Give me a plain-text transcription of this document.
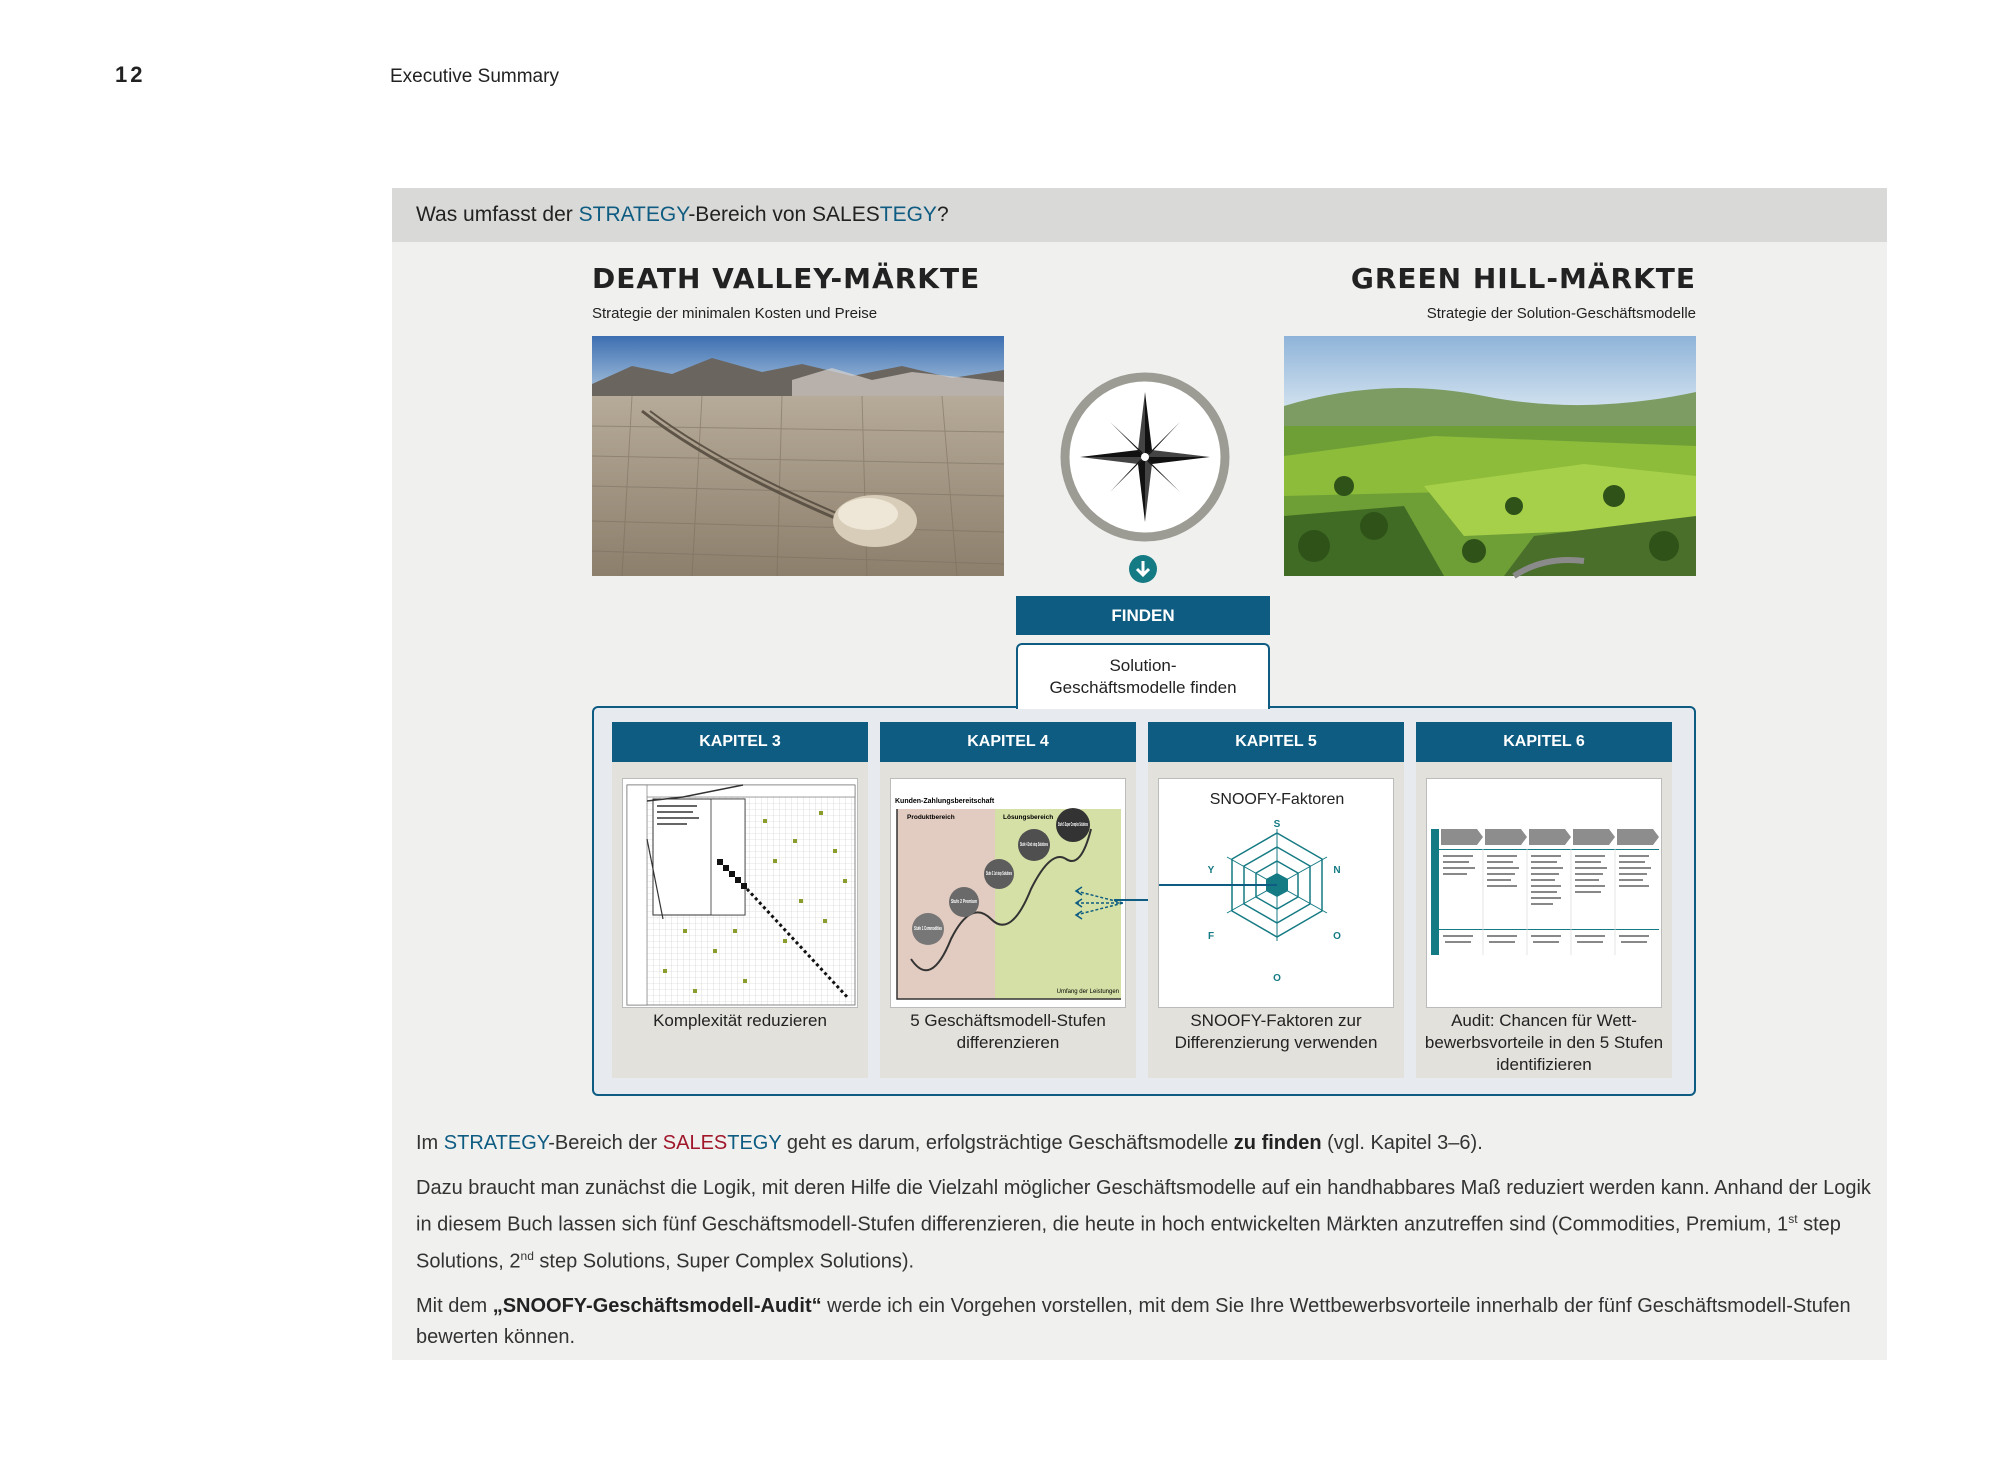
12	Executive Summary
Was umfasst der STRATEGY-Bereich von SALESTEGY?
DEATH VALLEY-MÄRKTE
Strategie der minimalen Kosten und Preise
GREEN HILL-MÄRKTE
Strategie der Solution-Geschäftsmodelle
FINDEN
Solution-Geschäftsmodelle finden
KAPITEL 3
Komplexität reduzieren
KAPITEL 4
Kunden-Zahlungsbereitschaft
Produktbereich	Lösungsbereich
Stufe 1 Commodities
Stufe 2 Premium
Stufe 3 1st step Solutions
Stufe 4 2nd step Solutions
Stufe 5 Super Complex Solutions
Umfang der Leistungen
5 Geschäftsmodell-Stufen differenzieren
KAPITEL 5
SNOOFY-Faktoren
S
N
O
O
F
Y
SNOOFY-Faktoren zur Differenzierung verwenden
KAPITEL 6
Audit: Chancen für Wett-bewerbsvorteile in den 5 Stufen identifizieren

Im STRATEGY-Bereich der SALESTEGY geht es darum, erfolgsträchtige Geschäftsmodelle zu finden (vgl. Kapitel 3–6).

Dazu braucht man zunächst die Logik, mit deren Hilfe die Vielzahl möglicher Geschäftsmodelle auf ein handhabbares Maß reduziert werden kann. Anhand der Logik in diesem Buch lassen sich fünf Geschäftsmodell-Stufen differenzieren, die heute in hoch entwickelten Märkten anzutreffen sind (Commodities, Premium, 1st step Solutions, 2nd step Solutions, Super Complex Solutions).

Mit dem „SNOOFY-Geschäftsmodell-Audit“ werde ich ein Vorgehen vorstellen, mit dem Sie Ihre Wettbewerbsvorteile innerhalb der fünf Geschäftsmodell-Stufen bewerten können.
